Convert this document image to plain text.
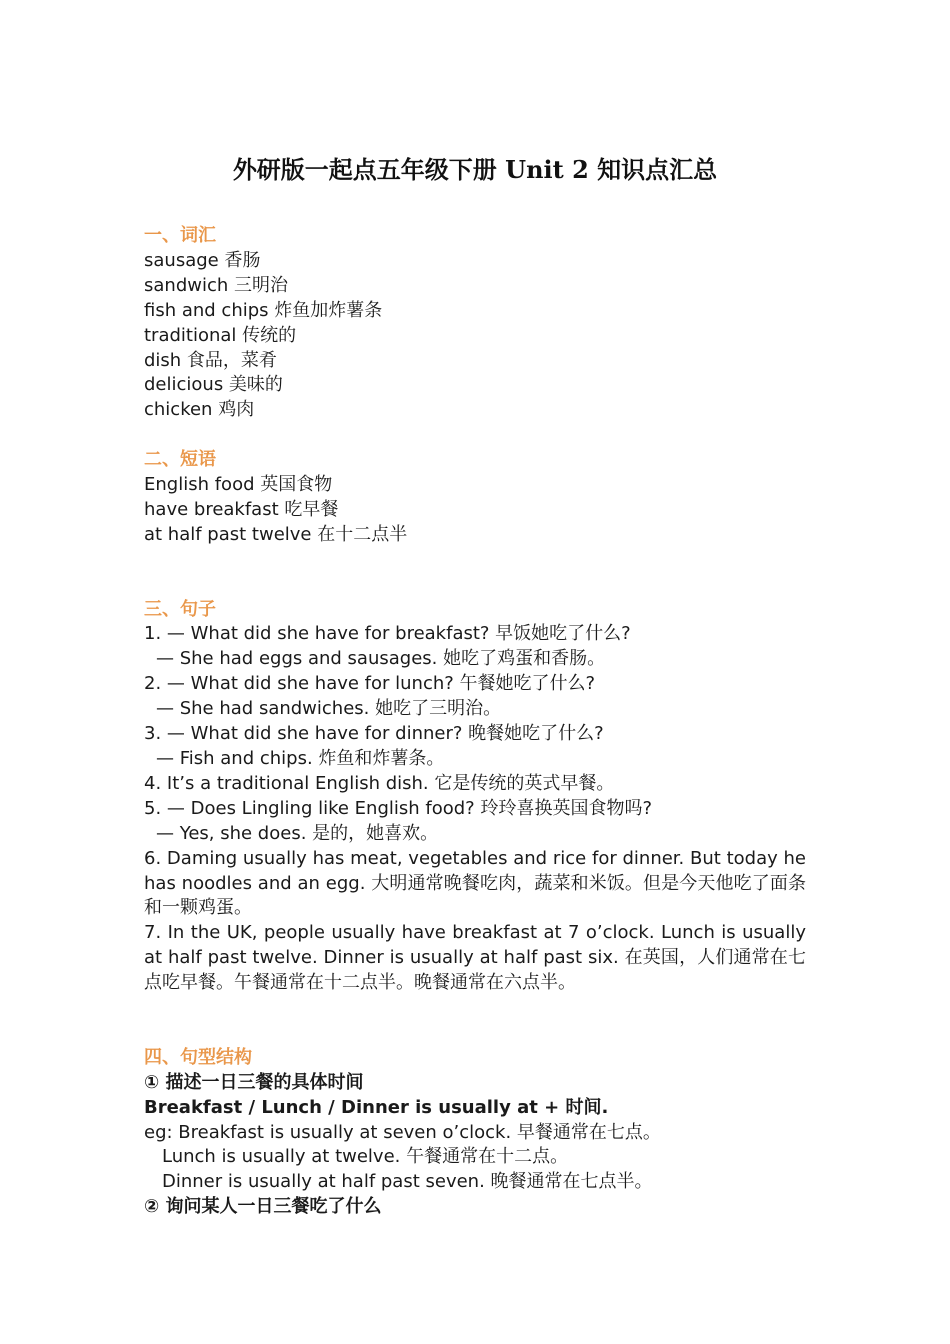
外研版一起点五年级下册 Unit 2 知识点汇总
一、词汇
sausage 香肠
sandwich 三明治
fish and chips 炸鱼加炸薯条
traditional 传统的
dish 食品，菜肴
delicious 美味的
chicken 鸡肉
二、短语
English food 英国食物
have breakfast 吃早餐
at half past twelve 在十二点半
三、句子
1. — What did she have for breakfast? 早饭她吃了什么?
— She had eggs and sausages. 她吃了鸡蛋和香肠。
2. — What did she have for lunch? 午餐她吃了什么?
— She had sandwiches. 她吃了三明治。
3. — What did she have for dinner? 晚餐她吃了什么?
— Fish and chips. 炸鱼和炸薯条。
4. It’s a traditional English dish. 它是传统的英式早餐。
5. — Does Lingling like English food? 玲玲喜换英国食物吗?
— Yes, she does. 是的，她喜欢。
6. Daming usually has meat, vegetables and rice for dinner. But today he has noodles and an egg. 大明通常晚餐吃肉，蔬菜和米饭。但是今天他吃了面条和一颗鸡蛋。
7. In the UK, people usually have breakfast at 7 o’clock. Lunch is usually at half past twelve. Dinner is usually at half past six. 在英国，人们通常在七点吃早餐。午餐通常在十二点半。晚餐通常在六点半。
四、句型结构
① 描述一日三餐的具体时间
Breakfast / Lunch / Dinner is usually at + 时间.
eg: Breakfast is usually at seven o’clock. 早餐通常在七点。
Lunch is usually at twelve. 午餐通常在十二点。
Dinner is usually at half past seven. 晚餐通常在七点半。
② 询问某人一日三餐吃了什么
